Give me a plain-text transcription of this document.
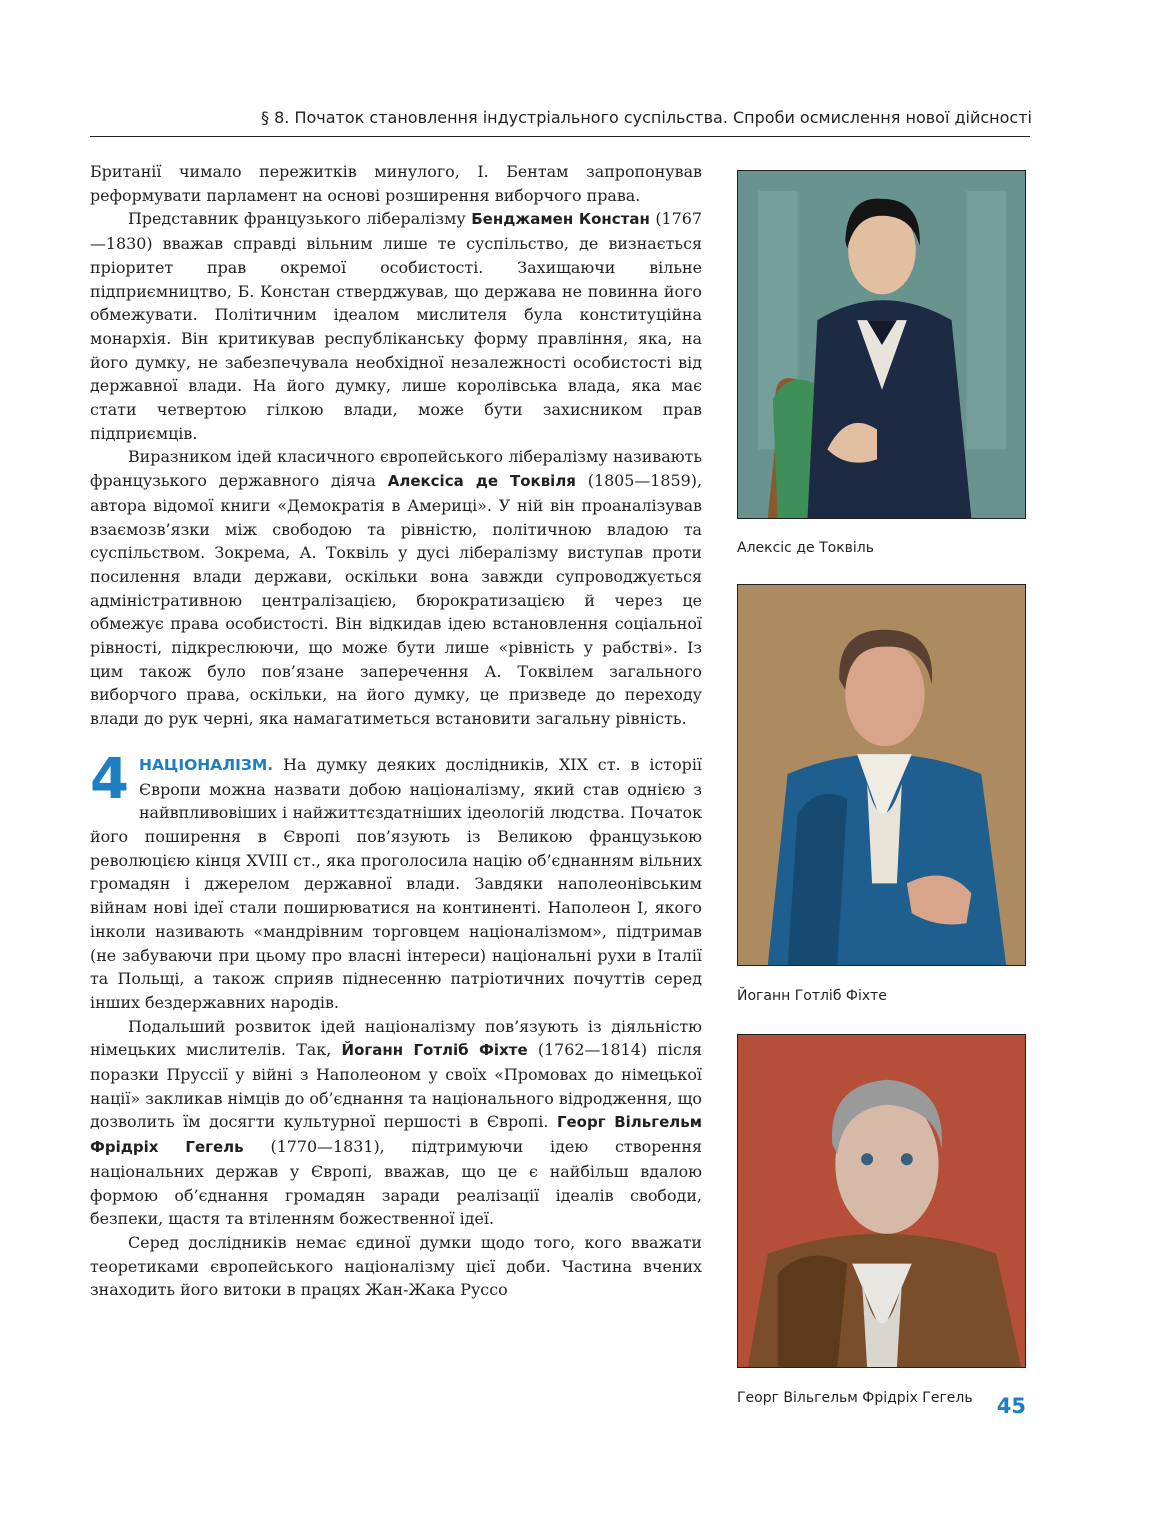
§ 8. Початок становлення індустріального суспільства. Спроби осмислення нової дійсності

Британії чимало пережитків минулого, І. Бентам запропонував реформувати парламент на основі розширення виборчого права.

Представник французького лібералізму Бенджамен Констан (1767—1830) вважав справді вільним лише те суспільство, де визнається пріоритет прав окремої особистості. Захищаючи вільне підприємництво, Б. Констан стверджував, що держава не повинна його обмежувати. Політичним ідеалом мислителя була конституційна монархія. Він критикував республіканську форму правління, яка, на його думку, не забезпечувала необхідної незалежності особистості від державної влади. На його думку, лише королівська влада, яка має стати четвертою гілкою влади, може бути захисником прав підприємців.

Виразником ідей класичного європейського лібералізму називають французького державного діяча Алексіса де Токвіля (1805—1859), автора відомої книги «Демократія в Америці». У ній він проаналізував взаємозв’язки між свободою та рівністю, політичною владою та суспільством. Зокрема, А. Токвіль у дусі лібералізму виступав проти посилення влади держави, оскільки вона завжди супроводжується адміністративною централізацією, бюрократизацією й через це обмежує права особистості. Він відкидав ідею встановлення соціальної рівності, підкреслюючи, що може бути лише «рівність у рабстві». Із цим також було пов’язане заперечення А. Токвілем загального виборчого права, оскільки, на його думку, це призведе до переходу влади до рук черні, яка намагатиметься встановити загальну рівність.

4 НАЦІОНАЛІЗМ. На думку деяких дослідників, XIX ст. в історії Європи можна назвати добою націоналізму, який став однією з найвпливовіших і найжиттєздатніших ідеологій людства. Початок його поширення в Європі пов’язують із Великою французькою революцією кінця XVIII ст., яка проголосила націю об’єднанням вільних громадян і джерелом державної влади. Завдяки наполеонівським війнам нові ідеї стали поширюватися на континенті. Наполеон І, якого інколи називають «мандрівним торговцем націоналізмом», підтримав (не забуваючи при цьому про власні інтереси) національні рухи в Італії та Польщі, а також сприяв піднесенню патріотичних почуттів серед інших бездержавних народів.

Подальший розвиток ідей націоналізму пов’язують із діяльністю німецьких мислителів. Так, Йоганн Готліб Фіхте (1762—1814) після поразки Пруссії у війні з Наполеоном у своїх «Промовах до німецької нації» закликав німців до об’єднання та національного відродження, що дозволить їм досягти культурної першості в Європі. Георг Вільгельм Фрідріх Гегель (1770—1831), підтримуючи ідею створення національних держав у Європі, вважав, що це є найбільш вдалою формою об’єднання громадян заради реалізації ідеалів свободи, безпеки, щастя та втіленням божественної ідеї.

Серед дослідників немає єдиної думки щодо того, кого вважати теоретиками європейського націоналізму цієї доби. Частина вчених знаходить його витоки в працях Жан-Жака Руссо

Алексіс де Токвіль
Йоганн Готліб Фіхте
Георг Вільгельм Фрідріх Гегель 45
